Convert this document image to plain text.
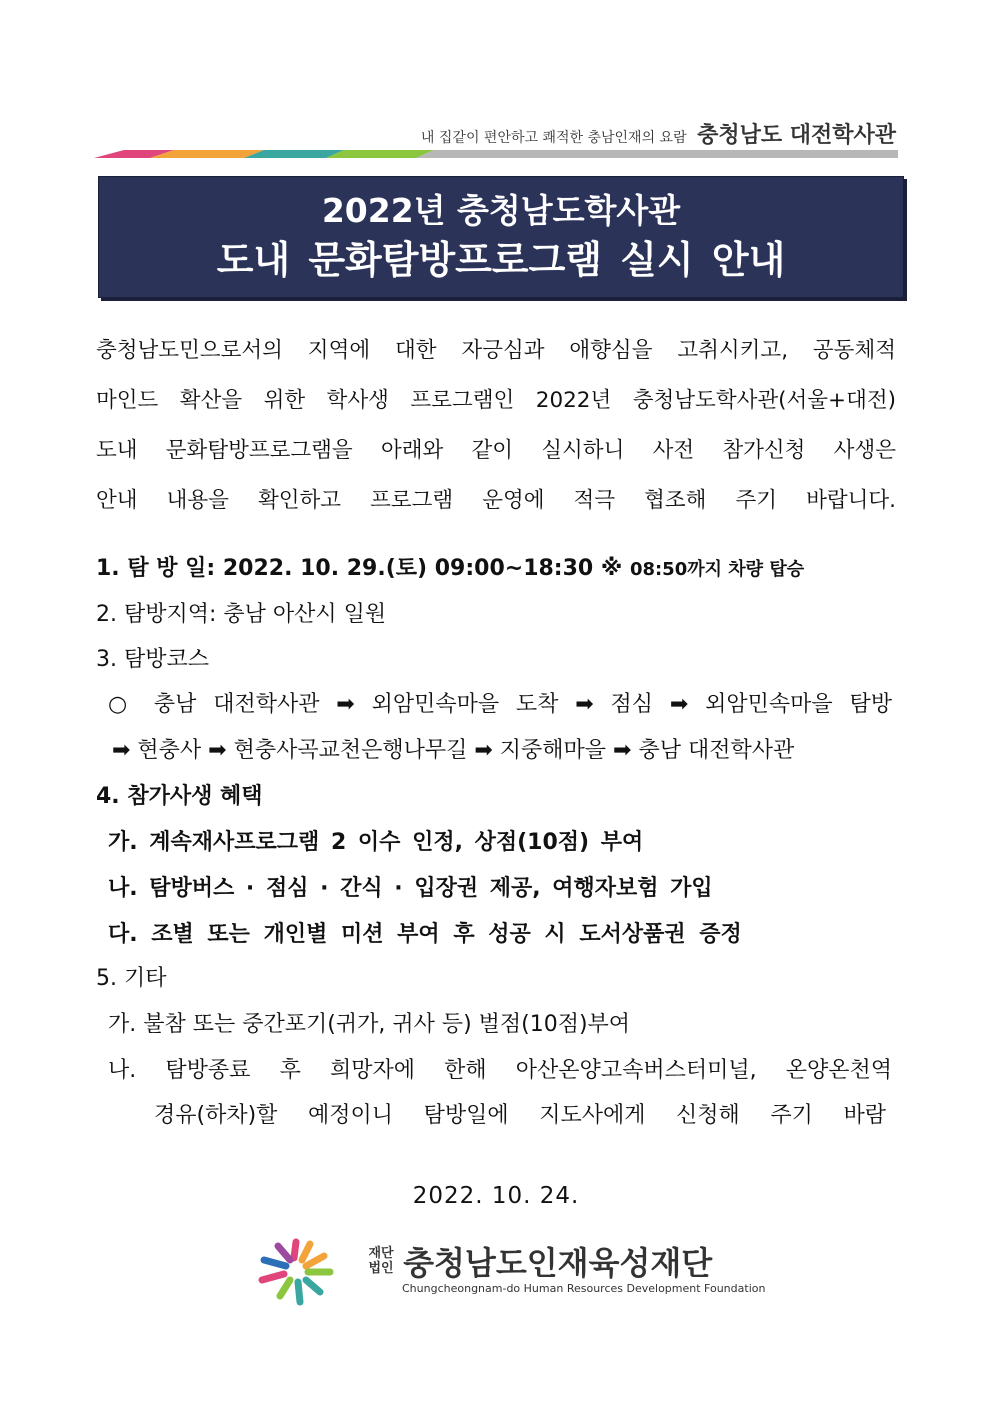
내 집같이 편안하고 쾌적한 충남인재의 요람 충청남도 대전학사관
2022년 충청남도학사관
도내 문화탐방프로그램 실시 안내
충청남도민으로서의 지역에 대한 자긍심과 애향심을 고취시키고, 공동체적
마인드 확산을 위한 학사생 프로그램인 2022년 충청남도학사관(서울+대전)
도내 문화탐방프로그램을 아래와 같이 실시하니 사전 참가신청 사생은
안내 내용을 확인하고 프로그램 운영에 적극 협조해 주기 바랍니다.
1. 탐 방 일: 2022. 10. 29.(토) 09:00~18:30 ※ 08:50까지 차량 탑승
2. 탐방지역: 충남 아산시 일원
3. 탐방코스
○ 충남 대전학사관 ➡ 외암민속마을 도착 ➡ 점심 ➡ 외암민속마을 탐방
➡ 현충사 ➡ 현충사곡교천은행나무길 ➡ 지중해마을 ➡ 충남 대전학사관
4. 참가사생 혜택
가. 계속재사프로그램 2 이수 인정, 상점(10점) 부여
나. 탐방버스 · 점심 · 간식 · 입장권 제공, 여행자보험 가입
다. 조별 또는 개인별 미션 부여 후 성공 시 도서상품권 증정
5. 기타
가. 불참 또는 중간포기(귀가, 귀사 등) 벌점(10점)부여
나. 탐방종료 후 희망자에 한해 아산온양고속버스터미널, 온양온천역
경유(하차)할 예정이니 탐방일에 지도사에게 신청해 주기 바람
2022. 10. 24.
재단
법인 충청남도인재육성재단
Chungcheongnam-do Human Resources Development Foundation
